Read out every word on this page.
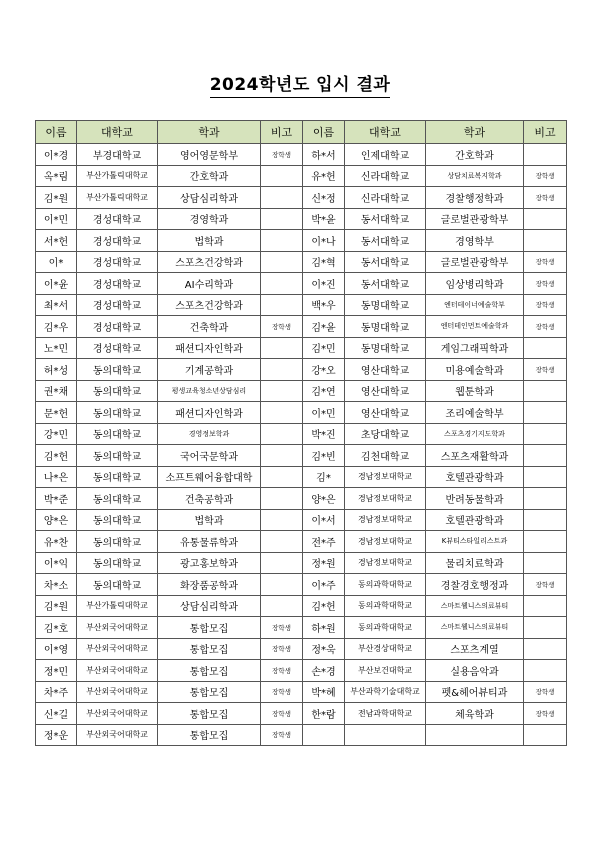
2024학년도 입시 결과
이름	대학교	학과	비고	이름	대학교	학과	비고
이*경	부경대학교	영어영문학부	장학생	하*서	인제대학교	간호학과	
옥*림	부산가톨릭대학교	간호학과		유*헌	신라대학교	상담치료복지학과	장학생
김*원	부산가톨릭대학교	상담심리학과		신*정	신라대학교	경찰행정학과	장학생
이*민	경성대학교	경영학과		박*윤	동서대학교	글로벌관광학부	
서*헌	경성대학교	법학과		이*나	동서대학교	경영학부	
이*	경성대학교	스포츠건강학과		김*혁	동서대학교	글로벌관광학부	장학생
이*윤	경성대학교	AI수리학과		이*진	동서대학교	임상병리학과	장학생
최*서	경성대학교	스포츠건강학과		백*우	동명대학교	엔터테이너예술학부	장학생
김*우	경성대학교	건축학과	장학생	김*윤	동명대학교	엔터테인먼트예술학과	장학생
노*민	경성대학교	패션디자인학과		김*민	동명대학교	게임그래픽학과	
허*성	동의대학교	기계공학과		강*오	영산대학교	미용예술학과	장학생
권*채	동의대학교	평생교육청소년상담심리		김*연	영산대학교	웹툰학과	
문*헌	동의대학교	패션디자인학과		이*민	영산대학교	조리예술학부	
강*민	동의대학교	경영정보학과		박*진	초당대학교	스포츠경기지도학과	
김*헌	동의대학교	국어국문학과		김*빈	김천대학교	스포츠재활학과	
나*은	동의대학교	소프트웨어융합대학		김*	경남정보대학교	호텔관광학과	
박*준	동의대학교	건축공학과		양*은	경남정보대학교	반려동물학과	
양*은	동의대학교	법학과		이*서	경남정보대학교	호텔관광학과	
유*찬	동의대학교	유통물류학과		전*주	경남정보대학교	K뷰티스타일리스트과	
이*익	동의대학교	광고홍보학과		정*원	경남정보대학교	물리치료학과	
차*소	동의대학교	화장품공학과		이*주	동의과학대학교	경찰경호행정과	장학생
김*원	부산가톨릭대학교	상담심리학과		김*헌	동의과학대학교	스마트웰니스의료뷰티	
김*호	부산외국어대학교	통합모집	장학생	하*원	동의과학대학교	스마트웰니스의료뷰티	
이*영	부산외국어대학교	통합모집	장학생	정*욱	부산경상대학교	스포츠계열	
정*민	부산외국어대학교	통합모집	장학생	손*경	부산보건대학교	실용음악과	
차*주	부산외국어대학교	통합모집	장학생	박*혜	부산과학기술대학교	펫&헤어뷰티과	장학생
신*길	부산외국어대학교	통합모집	장학생	한*람	전남과학대학교	체육학과	장학생
정*운	부산외국어대학교	통합모집	장학생				
